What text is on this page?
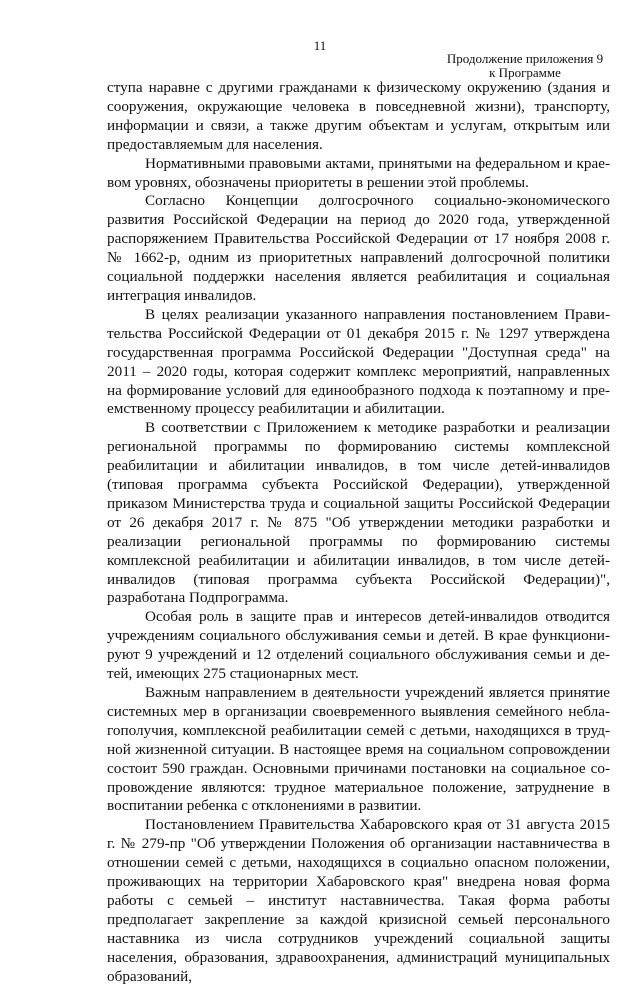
11
Продолжение приложения 9
к Программе

ступа наравне с другими гражданами к физическому окружению (здания и сооружения, окружающие человека в повседневной жизни), транспорту, информации и связи, а также другим объектам и услугам, открытым или предоставляемым для населения.

Нормативными правовыми актами, принятыми на федеральном и краевом уровнях, обозначены приоритеты в решении этой проблемы.

Согласно Концепции долгосрочного социально-экономического развития Российской Федерации на период до 2020 года, утвержденной распоряжением Правительства Российской Федерации от 17 ноября 2008 г. № 1662-р, одним из приоритетных направлений долгосрочной политики социальной поддержки населения является реабилитация и социальная интеграция инвалидов.

В целях реализации указанного направления постановлением Правительства Российской Федерации от 01 декабря 2015 г. № 1297 утверждена государственная программа Российской Федерации "Доступная среда" на 2011 – 2020 годы, которая содержит комплекс мероприятий, направленных на формирование условий для единообразного подхода к поэтапному и преемственному процессу реабилитации и абилитации.

В соответствии с Приложением к методике разработки и реализации региональной программы по формированию системы комплексной реабилитации и абилитации инвалидов, в том числе детей-инвалидов (типовая программа субъекта Российской Федерации), утвержденной приказом Министерства труда и социальной защиты Российской Федерации от 26 декабря 2017 г. № 875 "Об утверждении методики разработки и реализации региональной программы по формированию системы комплексной реабилитации и абилитации инвалидов, в том числе детей-инвалидов (типовая программа субъекта Российской Федерации)", разработана Подпрограмма.

Особая роль в защите прав и интересов детей-инвалидов отводится учреждениям социального обслуживания семьи и детей. В крае функционируют 9 учреждений и 12 отделений социального обслуживания семьи и детей, имеющих 275 стационарных мест.

Важным направлением в деятельности учреждений является принятие системных мер в организации своевременного выявления семейного неблагополучия, комплексной реабилитации семей с детьми, находящихся в трудной жизненной ситуации. В настоящее время на социальном сопровождении состоит 590 граждан. Основными причинами постановки на социальное сопровождение являются: трудное материальное положение, затруднение в воспитании ребенка с отклонениями в развитии.

Постановлением Правительства Хабаровского края от 31 августа 2015 г. № 279-пр "Об утверждении Положения об организации наставничества в отношении семей с детьми, находящихся в социально опасном положении, проживающих на территории Хабаровского края" внедрена новая форма работы с семьей – институт наставничества. Такая форма работы предполагает закрепление за каждой кризисной семьей персонального наставника из числа сотрудников учреждений социальной защиты населения, образования, здравоохранения, администраций муниципальных образований,
